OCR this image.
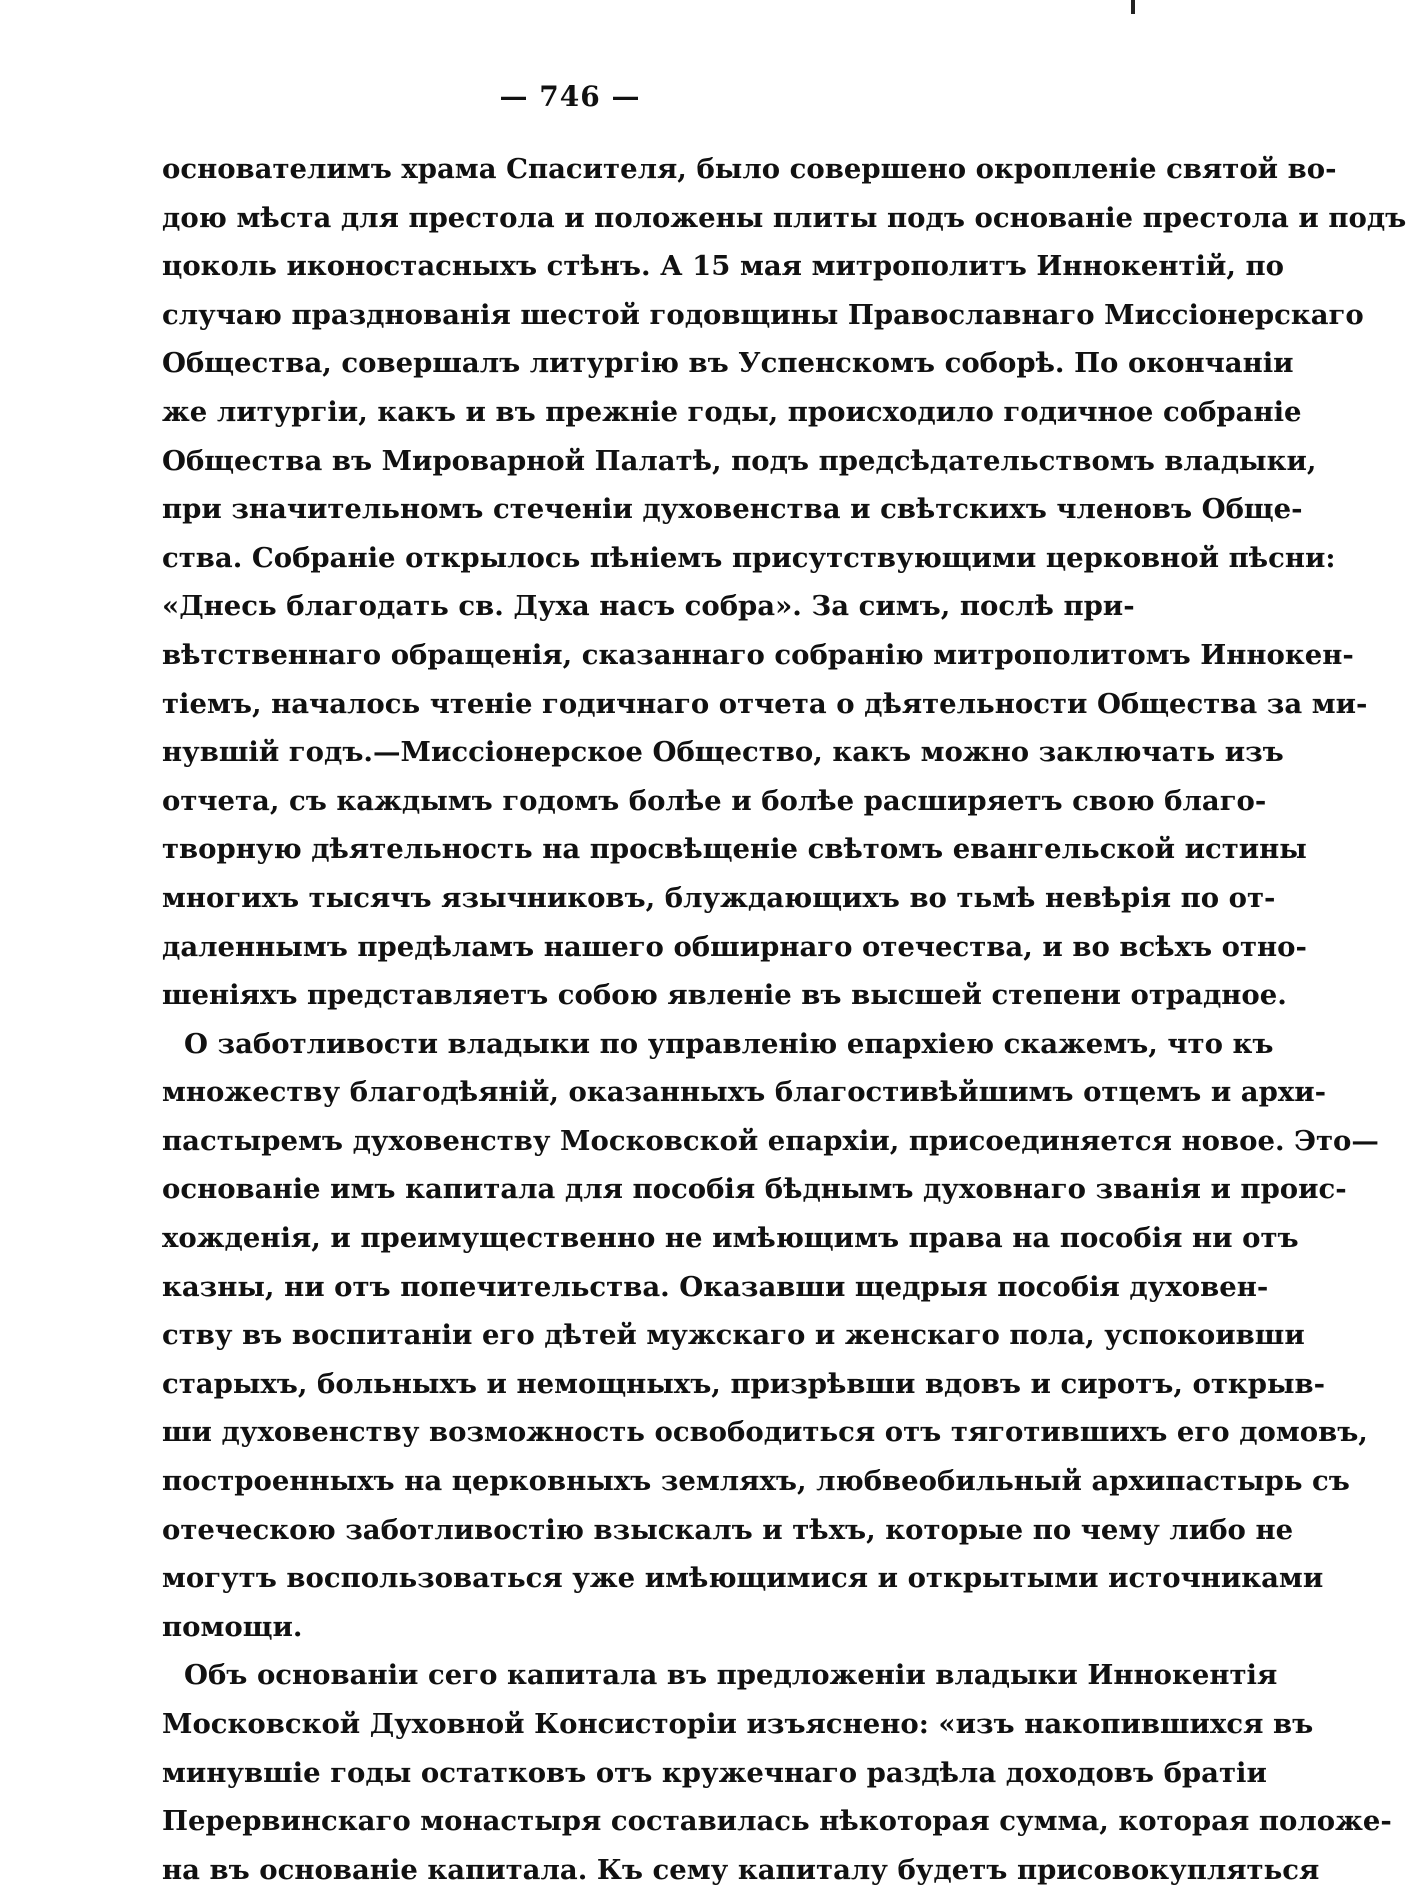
— 746 —
основателимъ храма Спасителя, было совершено окропленіе святой во-
дою мѣста для престола и положены плиты подъ основаніе престола и подъ
цоколь иконостасныхъ стѣнъ. А 15 мая митрополитъ Иннокентій, по
случаю празднованія шестой годовщины Православнаго Миссіонерскаго
Общества, совершалъ литургію въ Успенскомъ соборѣ. По окончаніи
же литургіи, какъ и въ прежніе годы, происходило годичное собраніе
Общества въ Мироварной Палатѣ, подъ предсѣдательствомъ владыки,
при значительномъ стеченіи духовенства и свѣтскихъ членовъ Обще-
ства. Собраніе открылось пѣніемъ присутствующими церковной пѣсни:
«Днесь благодать св. Духа насъ собра». За симъ, послѣ при-
вѣтственнаго обращенія, сказаннаго собранію митрополитомъ Иннокен-
тіемъ, началось чтеніе годичнаго отчета о дѣятельности Общества за ми-
нувшій годъ.—Миссіонерское Общество, какъ можно заключать изъ
отчета, съ каждымъ годомъ болѣе и болѣе расширяетъ свою благо-
творную дѣятельность на просвѣщеніе свѣтомъ евангельской истины
многихъ тысячъ язычниковъ, блуждающихъ во тьмѣ невѣрія по от-
даленнымъ предѣламъ нашего обширнаго отечества, и во всѣхъ отно-
шеніяхъ представляетъ собою явленіе въ высшей степени отрадное.
О заботливости владыки по управленію епархіею скажемъ, что къ
множеству благодѣяній, оказанныхъ благостивѣйшимъ отцемъ и архи-
пастыремъ духовенству Московской епархіи, присоединяется новое. Это—
основаніе имъ капитала для пособія бѣднымъ духовнаго званія и проис-
хожденія, и преимущественно не имѣющимъ права на пособія ни отъ
казны, ни отъ попечительства. Оказавши щедрыя пособія духовен-
ству въ воспитаніи его дѣтей мужскаго и женскаго пола, успокоивши
старыхъ, больныхъ и немощныхъ, призрѣвши вдовъ и сиротъ, открыв-
ши духовенству возможность освободиться отъ тяготившихъ его домовъ,
построенныхъ на церковныхъ земляхъ, любвеобильный архипастырь съ
отеческою заботливостію взыскалъ и тѣхъ, которые по чему либо не
могутъ воспользоваться уже имѣющимися и открытыми источниками
помощи.
Объ основаніи сего капитала въ предложеніи владыки Иннокентія
Московской Духовной Консисторіи изъяснено: «изъ накопившихся въ
минувшіе годы остатковъ отъ кружечнаго раздѣла доходовъ братіи
Перервинскаго монастыря составилась нѣкоторая сумма, которая положе-
на въ основаніе капитала. Къ сему капиталу будетъ присовокупляться
